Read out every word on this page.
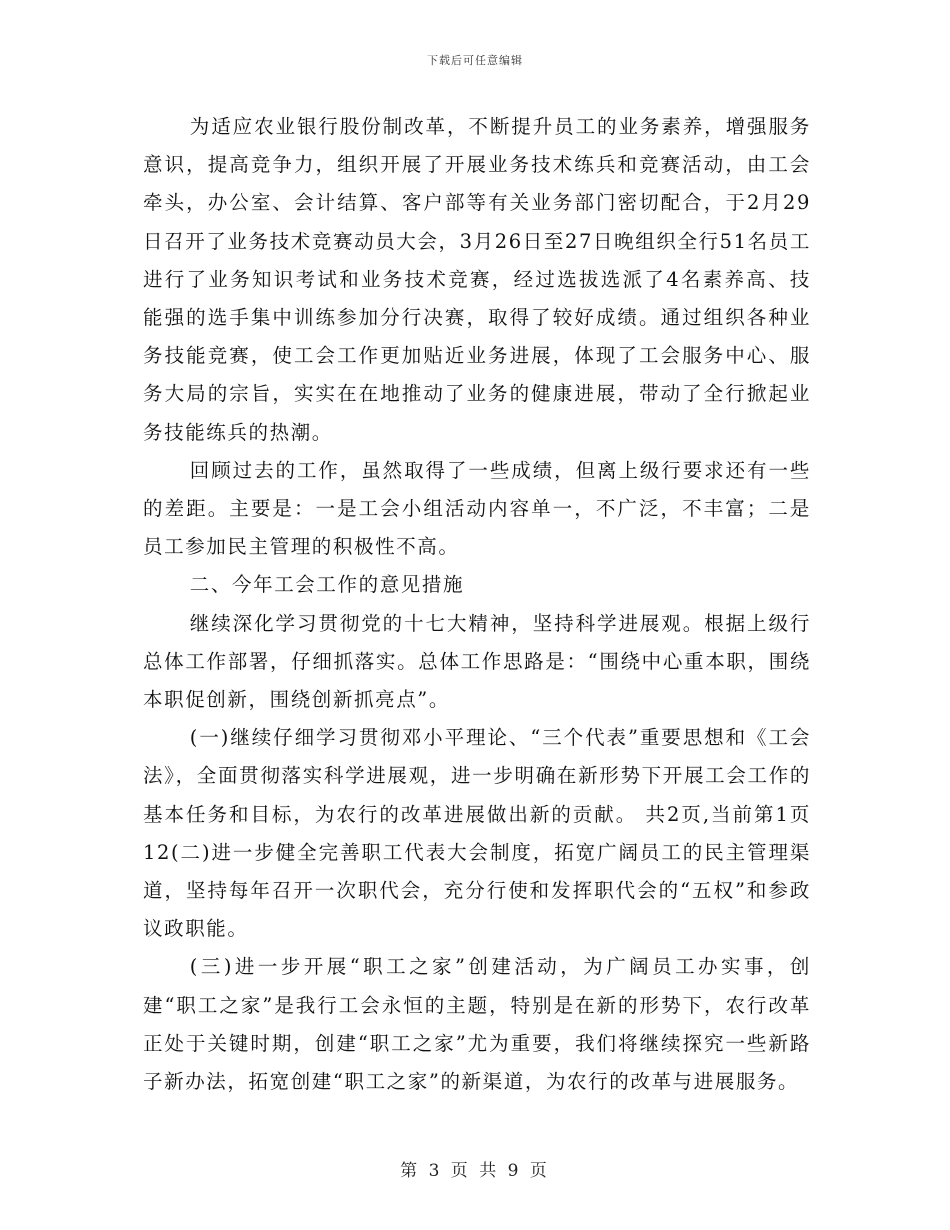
下载后可任意编辑

为适应农业银行股份制改革，不断提升员工的业务素养，增强服务意识，提高竞争力，组织开展了开展业务技术练兵和竞赛活动，由工会牵头，办公室、会计结算、客户部等有关业务部门密切配合，于2月29日召开了业务技术竞赛动员大会，3月26日至27日晚组织全行51名员工进行了业务知识考试和业务技术竞赛，经过选拔选派了4名素养高、技能强的选手集中训练参加分行决赛，取得了较好成绩。通过组织各种业务技能竞赛，使工会工作更加贴近业务进展，体现了工会服务中心、服务大局的宗旨，实实在在地推动了业务的健康进展，带动了全行掀起业务技能练兵的热潮。

回顾过去的工作，虽然取得了一些成绩，但离上级行要求还有一些的差距。主要是：一是工会小组活动内容单一，不广泛，不丰富；二是员工参加民主管理的积极性不高。

二、今年工会工作的意见措施

继续深化学习贯彻党的十七大精神，坚持科学进展观。根据上级行总体工作部署，仔细抓落实。总体工作思路是：“围绕中心重本职，围绕本职促创新，围绕创新抓亮点”。

(一)继续仔细学习贯彻邓小平理论、“三个代表”重要思想和《工会法》，全面贯彻落实科学进展观，进一步明确在新形势下开展工会工作的基本任务和目标，为农行的改革进展做出新的贡献。 共2页,当前第1页12(二)进一步健全完善职工代表大会制度，拓宽广阔员工的民主管理渠道，坚持每年召开一次职代会，充分行使和发挥职代会的“五权”和参政议政职能。

(三)进一步开展“职工之家”创建活动，为广阔员工办实事，创建“职工之家”是我行工会永恒的主题，特别是在新的形势下，农行改革正处于关键时期，创建“职工之家”尤为重要，我们将继续探究一些新路子新办法，拓宽创建“职工之家”的新渠道，为农行的改革与进展服务。

第 3 页 共 9 页
